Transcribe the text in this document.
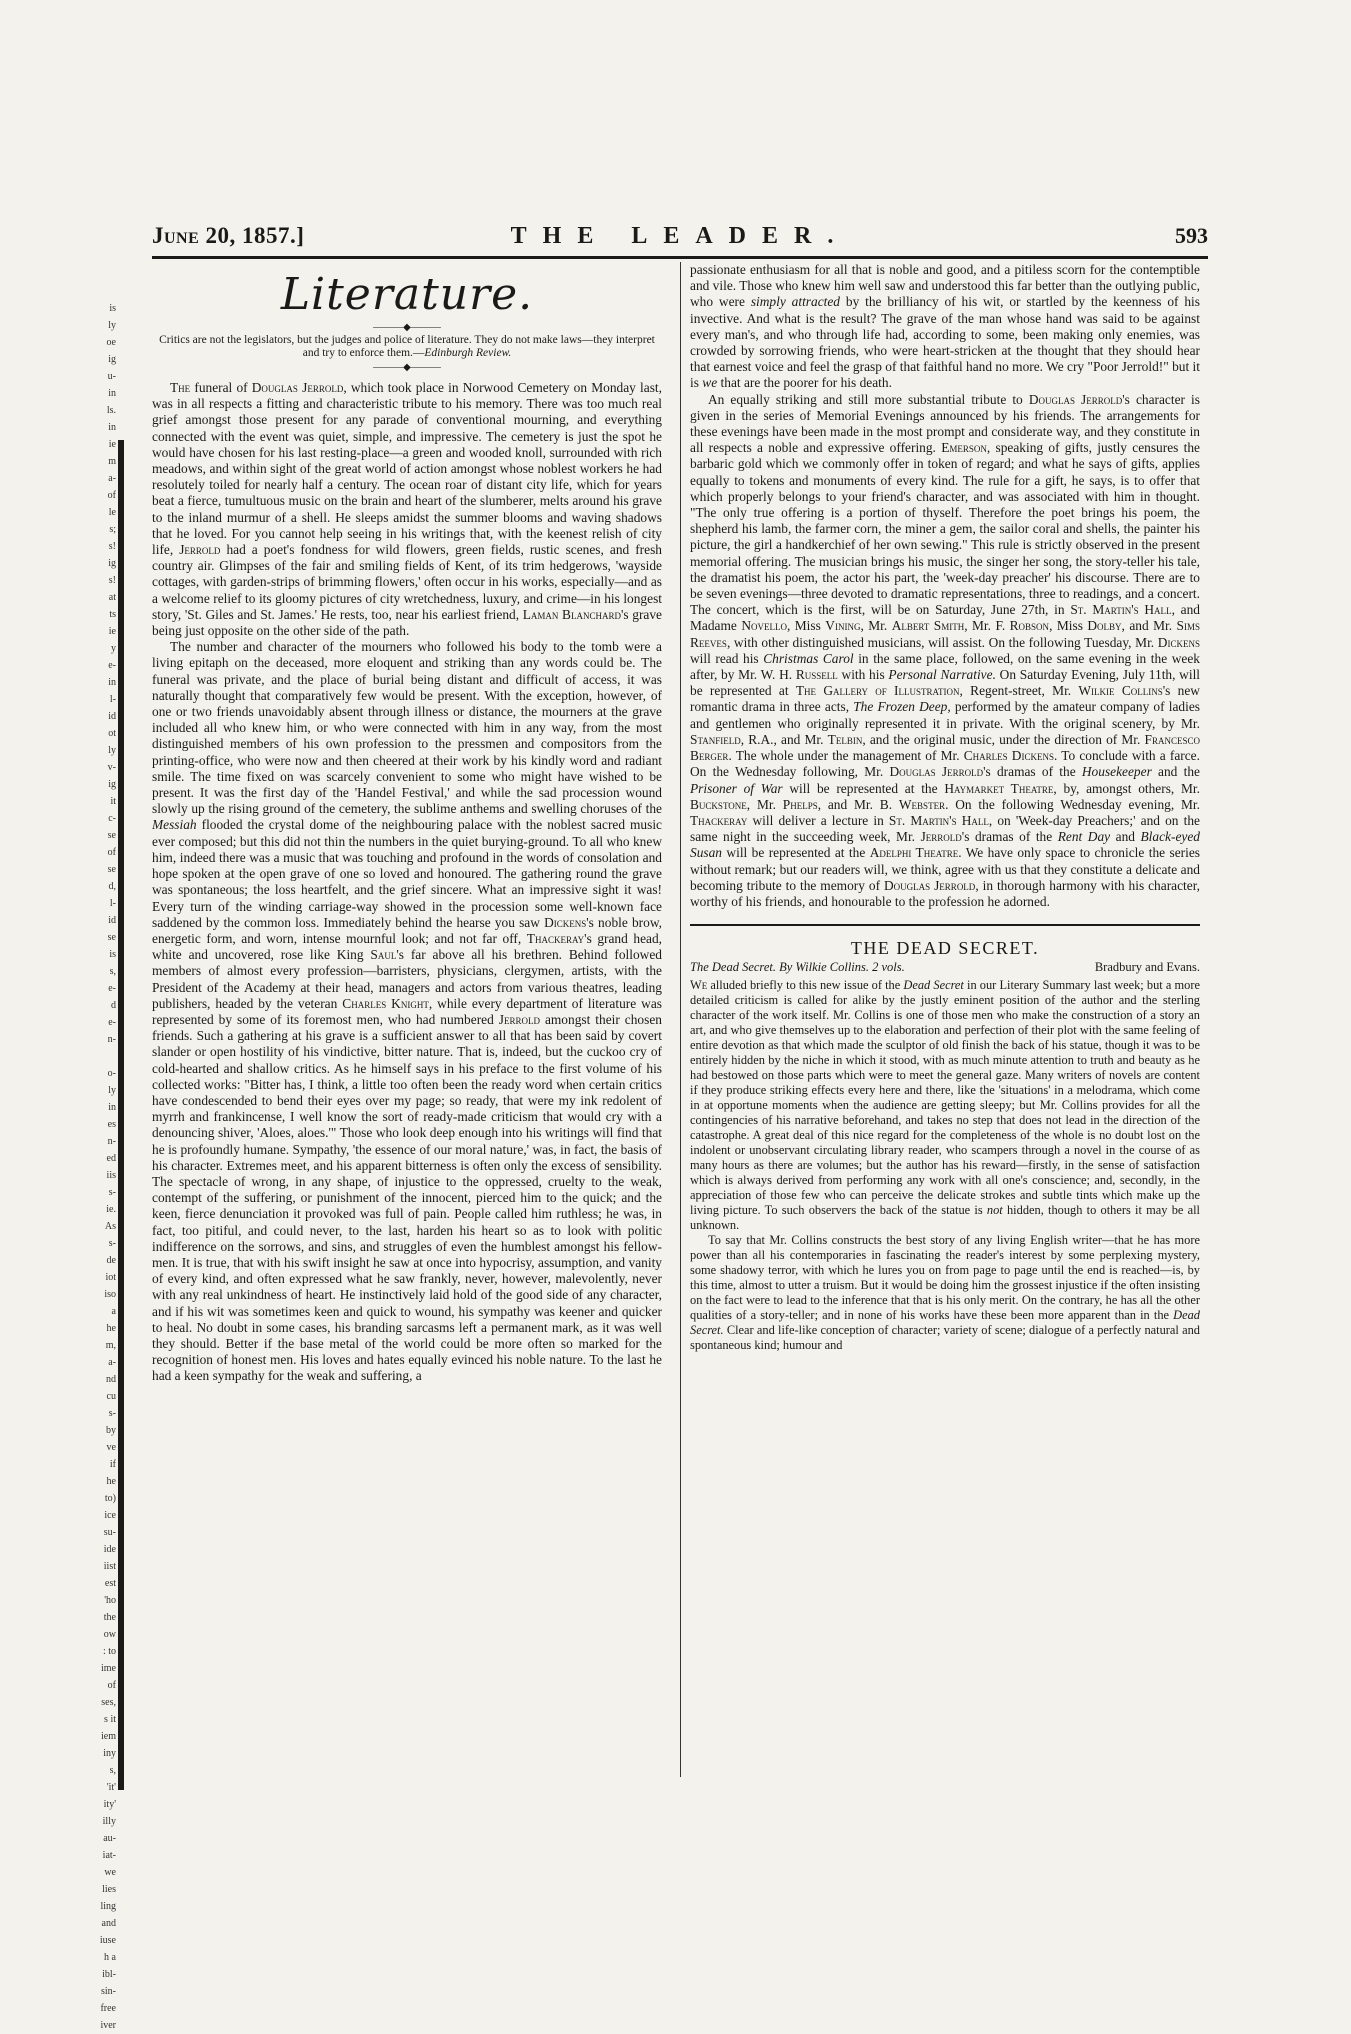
is
ly
oe
ig
u-
in
ls.
in
ie
m
a-
of
le
s;
s!
ig
s!
at
ts
ie
y
e-
in
l-
id
ot
ly
v-
ig
it
c-
se
of
se
d,
l-
id
se
is
s,
e-
d
e-
n-

o-
ly
in
es
n-
ed
iis
s-
ie.
As
s-
de
iot
iso
a
he
m,
a-
nd
cu
s-
by
ve
if
he
to)
ice
su-
ide
iist
est
'ho
the
ow
: to
ime
of
ses,
s it
iem
iny
s,
'it'
ity'
illy
au-
iat-
we
lies
ling
and
iuse
h a
ibl-
sin-
free
iver
June 20, 1857.]	THE LEADER.	593
Literature.
———◆———

Critics are not the legislators, but the judges and police of literature. They do not make laws—they interpret and try to enforce them.—Edinburgh Review.

———◆———

The funeral of Douglas Jerrold, which took place in Norwood Cemetery on Monday last, was in all respects a fitting and characteristic tribute to his memory. There was too much real grief amongst those present for any parade of conventional mourning, and everything connected with the event was quiet, simple, and impressive. The cemetery is just the spot he would have chosen for his last resting-place—a green and wooded knoll, surrounded with rich meadows, and within sight of the great world of action amongst whose noblest workers he had resolutely toiled for nearly half a century. The ocean roar of distant city life, which for years beat a fierce, tumultuous music on the brain and heart of the slumberer, melts around his grave to the inland murmur of a shell. He sleeps amidst the summer blooms and waving shadows that he loved. For you cannot help seeing in his writings that, with the keenest relish of city life, Jerrold had a poet's fondness for wild flowers, green fields, rustic scenes, and fresh country air. Glimpses of the fair and smiling fields of Kent, of its trim hedgerows, 'wayside cottages, with garden-strips of brimming flowers,' often occur in his works, especially—and as a welcome relief to its gloomy pictures of city wretchedness, luxury, and crime—in his longest story, 'St. Giles and St. James.' He rests, too, near his earliest friend, Laman Blanchard's grave being just opposite on the other side of the path.

The number and character of the mourners who followed his body to the tomb were a living epitaph on the deceased, more eloquent and striking than any words could be. The funeral was private, and the place of burial being distant and difficult of access, it was naturally thought that comparatively few would be present. With the exception, however, of one or two friends unavoidably absent through illness or distance, the mourners at the grave included all who knew him, or who were connected with him in any way, from the most distinguished members of his own profession to the pressmen and compositors from the printing-office, who were now and then cheered at their work by his kindly word and radiant smile. The time fixed on was scarcely convenient to some who might have wished to be present. It was the first day of the 'Handel Festival,' and while the sad procession wound slowly up the rising ground of the cemetery, the sublime anthems and swelling choruses of the Messiah flooded the crystal dome of the neighbouring palace with the noblest sacred music ever composed; but this did not thin the numbers in the quiet burying-ground. To all who knew him, indeed there was a music that was touching and profound in the words of consolation and hope spoken at the open grave of one so loved and honoured. The gathering round the grave was spontaneous; the loss heartfelt, and the grief sincere. What an impressive sight it was! Every turn of the winding carriage-way showed in the procession some well-known face saddened by the common loss. Immediately behind the hearse you saw Dickens's noble brow, energetic form, and worn, intense mournful look; and not far off, Thackeray's grand head, white and uncovered, rose like King Saul's far above all his brethren. Behind followed members of almost every profession—barristers, physicians, clergymen, artists, with the President of the Academy at their head, managers and actors from various theatres, leading publishers, headed by the veteran Charles Knight, while every department of literature was represented by some of its foremost men, who had numbered Jerrold amongst their chosen friends. Such a gathering at his grave is a sufficient answer to all that has been said by covert slander or open hostility of his vindictive, bitter nature. That is, indeed, but the cuckoo cry of cold-hearted and shallow critics. As he himself says in his preface to the first volume of his collected works: "Bitter has, I think, a little too often been the ready word when certain critics have condescended to bend their eyes over my page; so ready, that were my ink redolent of myrrh and frankincense, I well know the sort of ready-made criticism that would cry with a denouncing shiver, 'Aloes, aloes.'" Those who look deep enough into his writings will find that he is profoundly humane. Sympathy, 'the essence of our moral nature,' was, in fact, the basis of his character. Extremes meet, and his apparent bitterness is often only the excess of sensibility. The spectacle of wrong, in any shape, of injustice to the oppressed, cruelty to the weak, contempt of the suffering, or punishment of the innocent, pierced him to the quick; and the keen, fierce denunciation it provoked was full of pain. People called him ruthless; he was, in fact, too pitiful, and could never, to the last, harden his heart so as to look with politic indifference on the sorrows, and sins, and struggles of even the humblest amongst his fellow-men. It is true, that with his swift insight he saw at once into hypocrisy, assumption, and vanity of every kind, and often expressed what he saw frankly, never, however, malevolently, never with any real unkindness of heart. He instinctively laid hold of the good side of any character, and if his wit was sometimes keen and quick to wound, his sympathy was keener and quicker to heal. No doubt in some cases, his branding sarcasms left a permanent mark, as it was well they should. Better if the base metal of the world could be more often so marked for the recognition of honest men. His loves and hates equally evinced his noble nature. To the last he had a keen sympathy for the weak and suffering, a

passionate enthusiasm for all that is noble and good, and a pitiless scorn for the contemptible and vile. Those who knew him well saw and understood this far better than the outlying public, who were simply attracted by the brilliancy of his wit, or startled by the keenness of his invective. And what is the result? The grave of the man whose hand was said to be against every man's, and who through life had, according to some, been making only enemies, was crowded by sorrowing friends, who were heart-stricken at the thought that they should hear that earnest voice and feel the grasp of that faithful hand no more. We cry "Poor Jerrold!" but it is we that are the poorer for his death.

An equally striking and still more substantial tribute to Douglas Jerrold's character is given in the series of Memorial Evenings announced by his friends. The arrangements for these evenings have been made in the most prompt and considerate way, and they constitute in all respects a noble and expressive offering. Emerson, speaking of gifts, justly censures the barbaric gold which we commonly offer in token of regard; and what he says of gifts, applies equally to tokens and monuments of every kind. The rule for a gift, he says, is to offer that which properly belongs to your friend's character, and was associated with him in thought. "The only true offering is a portion of thyself. Therefore the poet brings his poem, the shepherd his lamb, the farmer corn, the miner a gem, the sailor coral and shells, the painter his picture, the girl a handkerchief of her own sewing." This rule is strictly observed in the present memorial offering. The musician brings his music, the singer her song, the story-teller his tale, the dramatist his poem, the actor his part, the 'week-day preacher' his discourse. There are to be seven evenings—three devoted to dramatic representations, three to readings, and a concert. The concert, which is the first, will be on Saturday, June 27th, in St. Martin's Hall, and Madame Novello, Miss Vining, Mr. Albert Smith, Mr. F. Robson, Miss Dolby, and Mr. Sims Reeves, with other distinguished musicians, will assist. On the following Tuesday, Mr. Dickens will read his Christmas Carol in the same place, followed, on the same evening in the week after, by Mr. W. H. Russell with his Personal Narrative. On Saturday Evening, July 11th, will be represented at The Gallery of Illustration, Regent-street, Mr. Wilkie Collins's new romantic drama in three acts, The Frozen Deep, performed by the amateur company of ladies and gentlemen who originally represented it in private. With the original scenery, by Mr. Stanfield, R.A., and Mr. Telbin, and the original music, under the direction of Mr. Francesco Berger. The whole under the management of Mr. Charles Dickens. To conclude with a farce. On the Wednesday following, Mr. Douglas Jerrold's dramas of the Housekeeper and the Prisoner of War will be represented at the Haymarket Theatre, by, amongst others, Mr. Buckstone, Mr. Phelps, and Mr. B. Webster. On the following Wednesday evening, Mr. Thackeray will deliver a lecture in St. Martin's Hall, on 'Week-day Preachers;' and on the same night in the succeeding week, Mr. Jerrold's dramas of the Rent Day and Black-eyed Susan will be represented at the Adelphi Theatre. We have only space to chronicle the series without remark; but our readers will, we think, agree with us that they constitute a delicate and becoming tribute to the memory of Douglas Jerrold, in thorough harmony with his character, worthy of his friends, and honourable to the profession he adorned.

THE DEAD SECRET.
The Dead Secret. By Wilkie Collins. 2 vols.	Bradbury and Evans.

We alluded briefly to this new issue of the Dead Secret in our Literary Summary last week; but a more detailed criticism is called for alike by the justly eminent position of the author and the sterling character of the work itself. Mr. Collins is one of those men who make the construction of a story an art, and who give themselves up to the elaboration and perfection of their plot with the same feeling of entire devotion as that which made the sculptor of old finish the back of his statue, though it was to be entirely hidden by the niche in which it stood, with as much minute attention to truth and beauty as he had bestowed on those parts which were to meet the general gaze. Many writers of novels are content if they produce striking effects every here and there, like the 'situations' in a melodrama, which come in at opportune moments when the audience are getting sleepy; but Mr. Collins provides for all the contingencies of his narrative beforehand, and takes no step that does not lead in the direction of the catastrophe. A great deal of this nice regard for the completeness of the whole is no doubt lost on the indolent or unobservant circulating library reader, who scampers through a novel in the course of as many hours as there are volumes; but the author has his reward—firstly, in the sense of satisfaction which is always derived from performing any work with all one's conscience; and, secondly, in the appreciation of those few who can perceive the delicate strokes and subtle tints which make up the living picture. To such observers the back of the statue is not hidden, though to others it may be all unknown.

To say that Mr. Collins constructs the best story of any living English writer—that he has more power than all his contemporaries in fascinating the reader's interest by some perplexing mystery, some shadowy terror, with which he lures you on from page to page until the end is reached—is, by this time, almost to utter a truism. But it would be doing him the grossest injustice if the often insisting on the fact were to lead to the inference that that is his only merit. On the contrary, he has all the other qualities of a story-teller; and in none of his works have these been more apparent than in the Dead Secret. Clear and life-like conception of character; variety of scene; dialogue of a perfectly natural and spontaneous kind; humour and
